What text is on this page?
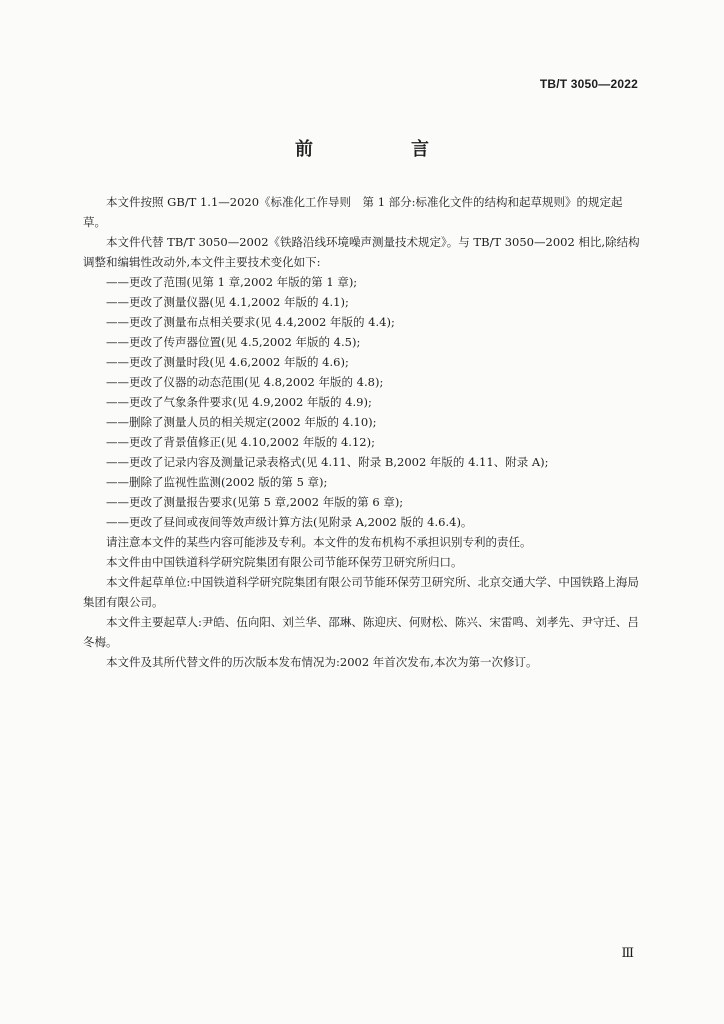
TB/T 3050—2022
前　言

本文件按照 GB/T 1.1—2020《标准化工作导则　第 1 部分:标准化文件的结构和起草规则》的规定起草。

本文件代替 TB/T 3050—2002《铁路沿线环境噪声测量技术规定》。与 TB/T 3050—2002 相比,除结构调整和编辑性改动外,本文件主要技术变化如下:

——更改了范围(见第 1 章,2002 年版的第 1 章);
——更改了测量仪器(见 4.1,2002 年版的 4.1);
——更改了测量布点相关要求(见 4.4,2002 年版的 4.4);
——更改了传声器位置(见 4.5,2002 年版的 4.5);
——更改了测量时段(见 4.6,2002 年版的 4.6);
——更改了仪器的动态范围(见 4.8,2002 年版的 4.8);
——更改了气象条件要求(见 4.9,2002 年版的 4.9);
——删除了测量人员的相关规定(2002 年版的 4.10);
——更改了背景值修正(见 4.10,2002 年版的 4.12);
——更改了记录内容及测量记录表格式(见 4.11、附录 B,2002 年版的 4.11、附录 A);
——删除了监视性监测(2002 版的第 5 章);
——更改了测量报告要求(见第 5 章,2002 年版的第 6 章);
——更改了昼间或夜间等效声级计算方法(见附录 A,2002 版的 4.6.4)。

请注意本文件的某些内容可能涉及专利。本文件的发布机构不承担识别专利的责任。

本文件由中国铁道科学研究院集团有限公司节能环保劳卫研究所归口。

本文件起草单位:中国铁道科学研究院集团有限公司节能环保劳卫研究所、北京交通大学、中国铁路上海局集团有限公司。

本文件主要起草人:尹皓、伍向阳、刘兰华、邵琳、陈迎庆、何财松、陈兴、宋雷鸣、刘孝先、尹守迁、吕冬梅。

本文件及其所代替文件的历次版本发布情况为:2002 年首次发布,本次为第一次修订。

Ⅲ
